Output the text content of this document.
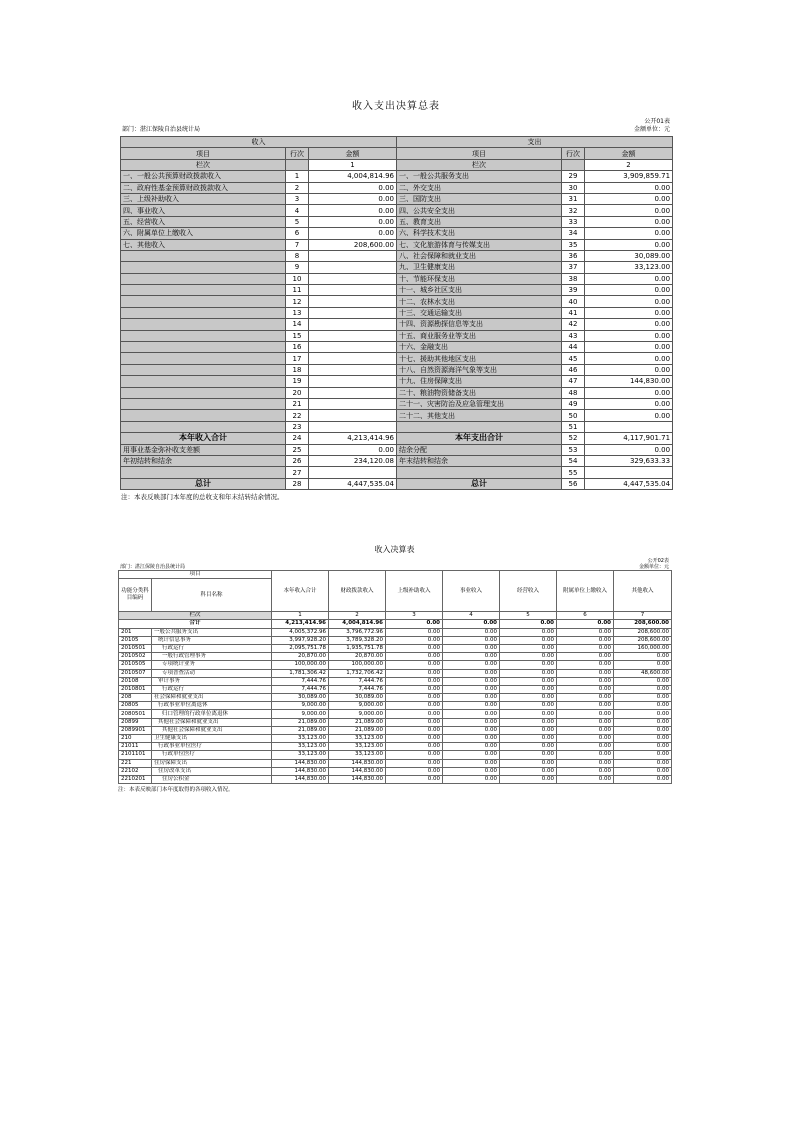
收入支出决算总表
部门：湛江保陵自治县统计局
公开01表
金额单位：元
收入			支出		
项目	行次	金额	项目	行次	金额
栏次		1	栏次		2
一、一般公共预算财政拨款收入	1	4,004,814.96	一、一般公共服务支出	29	3,909,859.71
二、政府性基金预算财政拨款收入	2	0.00	二、外交支出	30	0.00
三、上级补助收入	3	0.00	三、国防支出	31	0.00
四、事业收入	4	0.00	四、公共安全支出	32	0.00
五、经营收入	5	0.00	五、教育支出	33	0.00
六、附属单位上缴收入	6	0.00	六、科学技术支出	34	0.00
七、其他收入	7	208,600.00	七、文化旅游体育与传媒支出	35	0.00
	8		八、社会保障和就业支出	36	30,089.00
	9		九、卫生健康支出	37	33,123.00
	10		十、节能环保支出	38	0.00
	11		十一、城乡社区支出	39	0.00
	12		十二、农林水支出	40	0.00
	13		十三、交通运输支出	41	0.00
	14		十四、资源勘探信息等支出	42	0.00
	15		十五、商业服务业等支出	43	0.00
	16		十六、金融支出	44	0.00
	17		十七、援助其他地区支出	45	0.00
	18		十八、自然资源海洋气象等支出	46	0.00
	19		十九、住房保障支出	47	144,830.00
	20		二十、粮油物资储备支出	48	0.00
	21		二十一、灾害防治及应急管理支出	49	0.00
	22		二十二、其他支出	50	0.00
	23			51	
本年收入合计	24	4,213,414.96	本年支出合计	52	4,117,901.71
用事业基金弥补收支差额	25	0.00	结余分配	53	0.00
年初结转和结余	26	234,120.08	年末结转和结余	54	329,633.33
	27			55	
总计	28	4,447,535.04	总计	56	4,447,535.04
注：本表反映部门本年度的总收支和年末结转结余情况。
收入决算表
部门：湛江保陵自治县统计局
公开02表
金额单位：元
项目		本年收入合计	财政拨款收入	上级补助收入	事业收入	经营收入	附属单位上缴收入	其他收入
功能分类科目编码	科目名称							
栏次		1	2	3	4	5	6	7
合计		4,213,414.96	4,004,814.96	0.00	0.00	0.00	0.00	208,600.00
201	一般公共服务支出	4,005,372.96	3,796,772.96	0.00	0.00	0.00	0.00	208,600.00
20105	统计信息事务	3,997,928.20	3,789,328.20	0.00	0.00	0.00	0.00	208,600.00
2010501	行政运行	2,095,751.78	1,935,751.78	0.00	0.00	0.00	0.00	160,000.00
2010502	一般行政管理事务	20,870.00	20,870.00	0.00	0.00	0.00	0.00	0.00
2010505	专项统计业务	100,000.00	100,000.00	0.00	0.00	0.00	0.00	0.00
2010507	专项普查活动	1,781,306.42	1,732,706.42	0.00	0.00	0.00	0.00	48,600.00
20108	审计事务	7,444.76	7,444.76	0.00	0.00	0.00	0.00	0.00
2010801	行政运行	7,444.76	7,444.76	0.00	0.00	0.00	0.00	0.00
208	社会保障和就业支出	30,089.00	30,089.00	0.00	0.00	0.00	0.00	0.00
20805	行政事业单位离退休	9,000.00	9,000.00	0.00	0.00	0.00	0.00	0.00
2080501	归口管理的行政单位离退休	9,000.00	9,000.00	0.00	0.00	0.00	0.00	0.00
20899	其他社会保障和就业支出	21,089.00	21,089.00	0.00	0.00	0.00	0.00	0.00
2089901	其他社会保障和就业支出	21,089.00	21,089.00	0.00	0.00	0.00	0.00	0.00
210	卫生健康支出	33,123.00	33,123.00	0.00	0.00	0.00	0.00	0.00
21011	行政事业单位医疗	33,123.00	33,123.00	0.00	0.00	0.00	0.00	0.00
2101101	行政单位医疗	33,123.00	33,123.00	0.00	0.00	0.00	0.00	0.00
221	住房保障支出	144,830.00	144,830.00	0.00	0.00	0.00	0.00	0.00
22102	住房改革支出	144,830.00	144,830.00	0.00	0.00	0.00	0.00	0.00
2210201	住房公积金	144,830.00	144,830.00	0.00	0.00	0.00	0.00	0.00
注：本表反映部门本年度取得的各项收入情况。
